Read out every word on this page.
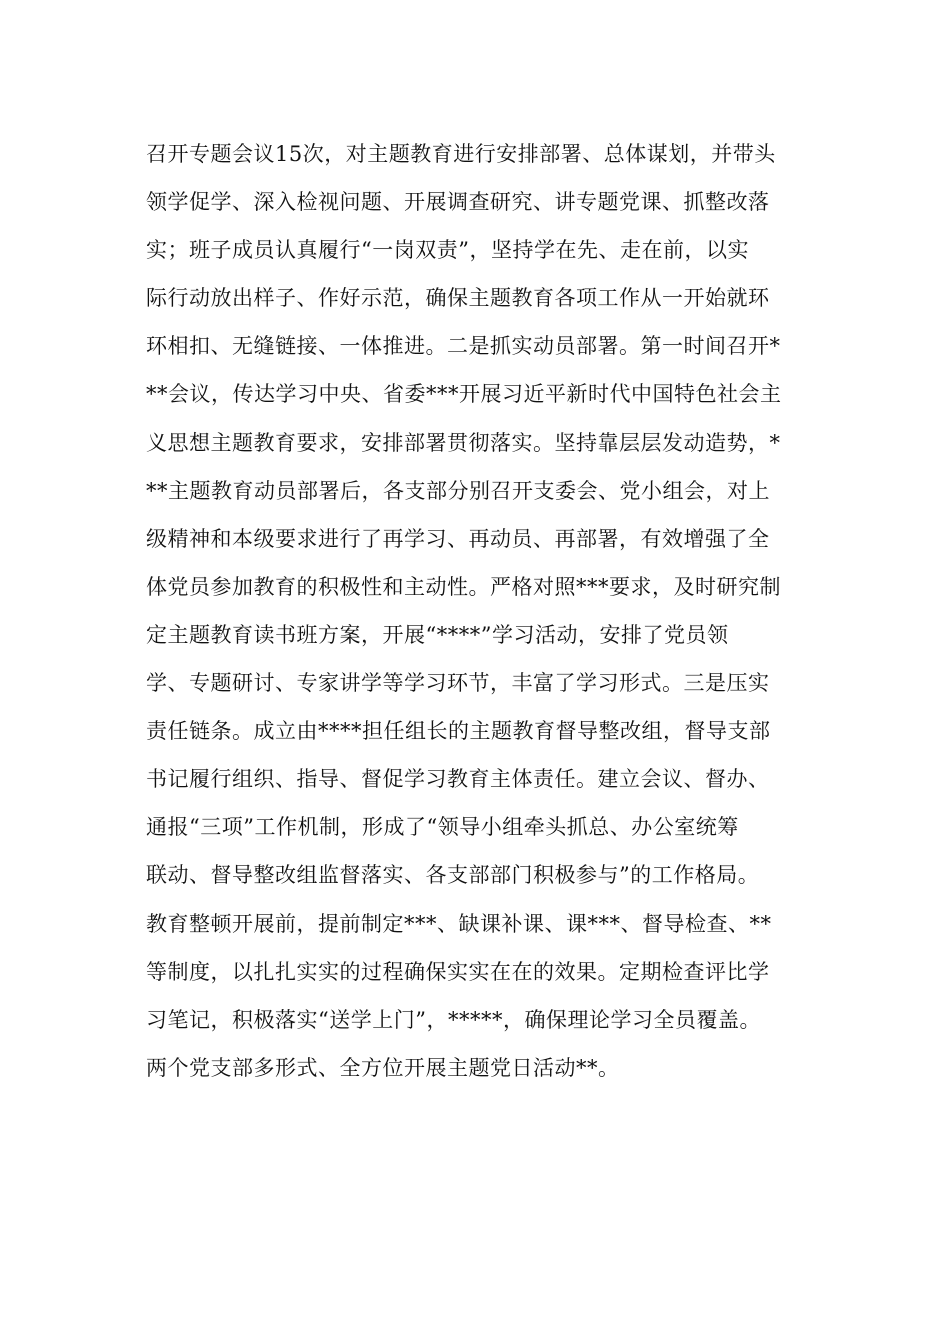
召开专题会议15次，对主题教育进行安排部署、总体谋划，并带头
领学促学、深入检视问题、开展调查研究、讲专题党课、抓整改落
实；班子成员认真履行“一岗双责”，坚持学在先、走在前，以实
际行动放出样子、作好示范，确保主题教育各项工作从一开始就环
环相扣、无缝链接、一体推进。二是抓实动员部署。第一时间召开*
**会议，传达学习中央、省委***开展习近平新时代中国特色社会主
义思想主题教育要求，安排部署贯彻落实。坚持靠层层发动造势，*
**主题教育动员部署后，各支部分别召开支委会、党小组会，对上
级精神和本级要求进行了再学习、再动员、再部署，有效增强了全
体党员参加教育的积极性和主动性。严格对照***要求，及时研究制
定主题教育读书班方案，开展“****”学习活动，安排了党员领
学、专题研讨、专家讲学等学习环节，丰富了学习形式。三是压实
责任链条。成立由****担任组长的主题教育督导整改组，督导支部
书记履行组织、指导、督促学习教育主体责任。建立会议、督办、
通报“三项”工作机制，形成了“领导小组牵头抓总、办公室统筹
联动、督导整改组监督落实、各支部部门积极参与”的工作格局。
教育整顿开展前，提前制定***、缺课补课、课***、督导检查、**
等制度，以扎扎实实的过程确保实实在在的效果。定期检查评比学
习笔记，积极落实“送学上门”，*****，确保理论学习全员覆盖。
两个党支部多形式、全方位开展主题党日活动**。
